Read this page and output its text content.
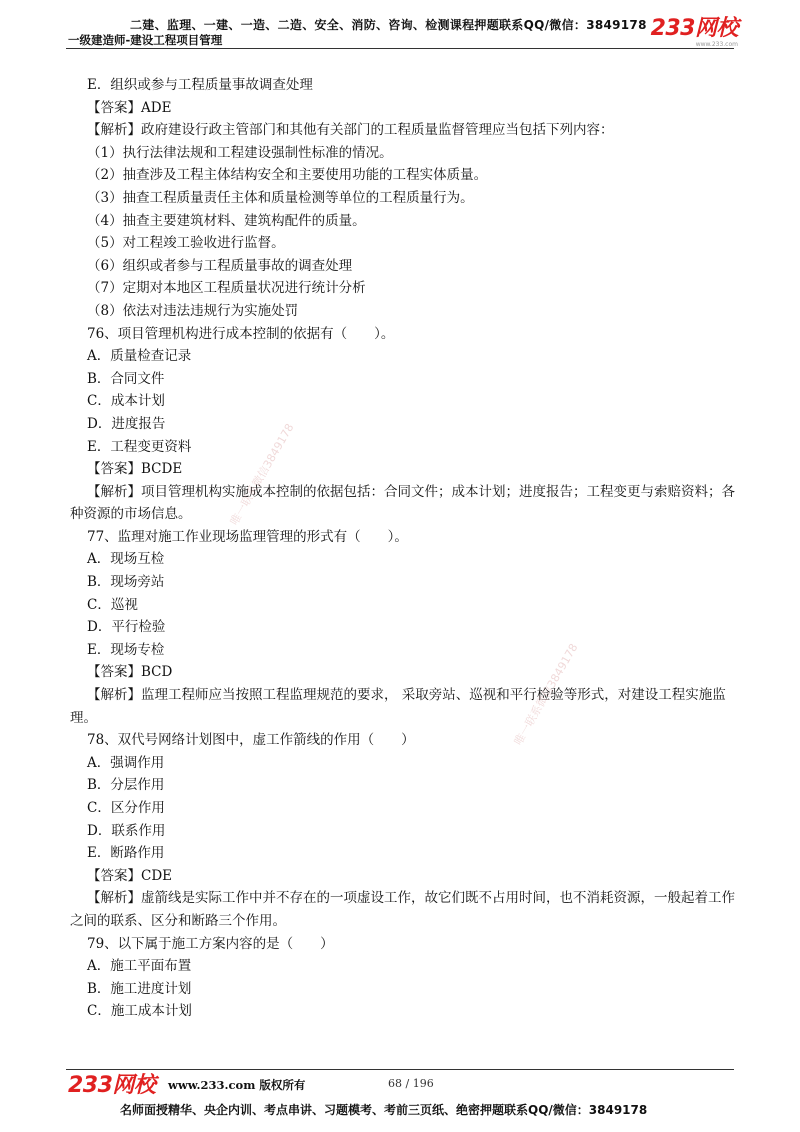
二建、监理、一建、一造、二造、安全、消防、咨询、检测课程押题联系QQ/微信：3849178
一级建造师-建设工程项目管理	233网校
www.233.com
E．组织或参与工程质量事故调查处理
【答案】ADE
【解析】政府建设行政主管部门和其他有关部门的工程质量监督管理应当包括下列内容：
（1）执行法律法规和工程建设强制性标准的情况。
（2）抽查涉及工程主体结构安全和主要使用功能的工程实体质量。
（3）抽查工程质量责任主体和质量检测等单位的工程质量行为。
（4）抽查主要建筑材料、建筑构配件的质量。
（5）对工程竣工验收进行监督。
（6）组织或者参与工程质量事故的调查处理
（7）定期对本地区工程质量状况进行统计分析
（8）依法对违法违规行为实施处罚
76、项目管理机构进行成本控制的依据有（　　）。
A．质量检查记录
B．合同文件
C．成本计划
D．进度报告
E．工程变更资料
【答案】BCDE
【解析】项目管理机构实施成本控制的依据包括：合同文件；成本计划；进度报告；工程变更与索赔资料；各种资源的市场信息。
77、监理对施工作业现场监理管理的形式有（　　）。
A．现场互检
B．现场旁站
C．巡视
D．平行检验
E．现场专检
【答案】BCD
【解析】监理工程师应当按照工程监理规范的要求， 采取旁站、巡视和平行检验等形式，对建设工程实施监理。
78、双代号网络计划图中，虚工作箭线的作用（　　）
A．强调作用
B．分层作用
C．区分作用
D．联系作用
E．断路作用
【答案】CDE
【解析】虚箭线是实际工作中并不存在的一项虚设工作，故它们既不占用时间，也不消耗资源，一般起着工作之间的联系、区分和断路三个作用。
79、以下属于施工方案内容的是（　　）
A．施工平面布置
B．施工进度计划
C．施工成本计划
唯一联系微信3849178
唯一联系微信3849178
233网校 www.233.com 版权所有	68 / 196
名师面授精华、央企内训、考点串讲、习题模考、考前三页纸、绝密押题联系QQ/微信：3849178
